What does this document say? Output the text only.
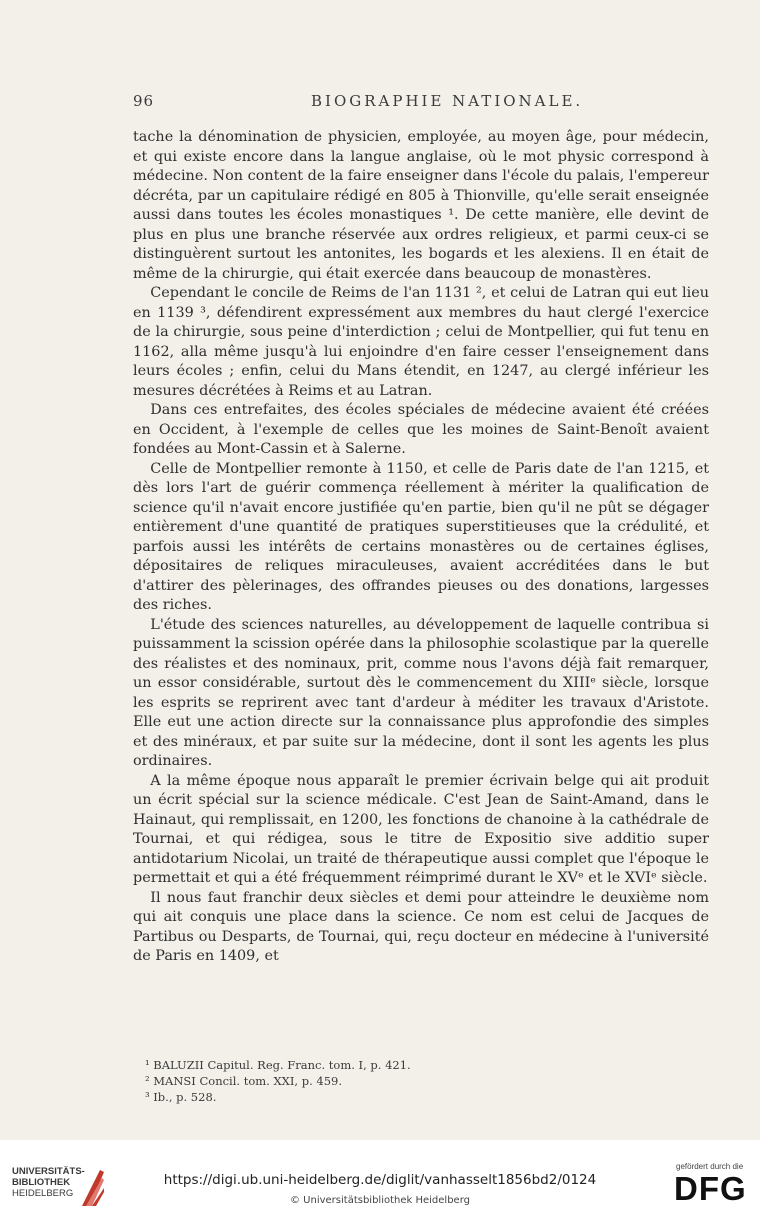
96	BIOGRAPHIE NATIONALE.

tache la dénomination de physicien, employée, au moyen âge, pour médecin, et qui existe encore dans la langue anglaise, où le mot physic correspond à médecine. Non content de la faire enseigner dans l'école du palais, l'empereur décréta, par un capitulaire rédigé en 805 à Thionville, qu'elle serait enseignée aussi dans toutes les écoles monastiques ¹. De cette manière, elle devint de plus en plus une branche réservée aux ordres religieux, et parmi ceux-ci se distinguèrent surtout les antonites, les bogards et les alexiens. Il en était de même de la chirurgie, qui était exercée dans beaucoup de monastères.

Cependant le concile de Reims de l'an 1131 ², et celui de Latran qui eut lieu en 1139 ³, défendirent expressément aux membres du haut clergé l'exercice de la chirurgie, sous peine d'interdiction ; celui de Montpellier, qui fut tenu en 1162, alla même jusqu'à lui enjoindre d'en faire cesser l'enseignement dans leurs écoles ; enfin, celui du Mans étendit, en 1247, au clergé inférieur les mesures décrétées à Reims et au Latran.

Dans ces entrefaites, des écoles spéciales de médecine avaient été créées en Occident, à l'exemple de celles que les moines de Saint-Benoît avaient fondées au Mont-Cassin et à Salerne.

Celle de Montpellier remonte à 1150, et celle de Paris date de l'an 1215, et dès lors l'art de guérir commença réellement à mériter la qualification de science qu'il n'avait encore justifiée qu'en partie, bien qu'il ne pût se dégager entièrement d'une quantité de pratiques superstitieuses que la crédulité, et parfois aussi les intérêts de certains monastères ou de certaines églises, dépositaires de reliques miraculeuses, avaient accréditées dans le but d'attirer des pèlerinages, des offrandes pieuses ou des donations, largesses des riches.

L'étude des sciences naturelles, au développement de laquelle contribua si puissamment la scission opérée dans la philosophie scolastique par la querelle des réalistes et des nominaux, prit, comme nous l'avons déjà fait remarquer, un essor considérable, surtout dès le commencement du XIIIᵉ siècle, lorsque les esprits se reprirent avec tant d'ardeur à méditer les travaux d'Aristote. Elle eut une action directe sur la connaissance plus approfondie des simples et des minéraux, et par suite sur la médecine, dont il sont les agents les plus ordinaires.

A la même époque nous apparaît le premier écrivain belge qui ait produit un écrit spécial sur la science médicale. C'est Jean de Saint-Amand, dans le Hainaut, qui remplissait, en 1200, les fonctions de chanoine à la cathédrale de Tournai, et qui rédigea, sous le titre de Expositio sive additio super antidotarium Nicolai, un traité de thérapeutique aussi complet que l'époque le permettait et qui a été fréquemment réimprimé durant le XVᵉ et le XVIᵉ siècle.

Il nous faut franchir deux siècles et demi pour atteindre le deuxième nom qui ait conquis une place dans la science. Ce nom est celui de Jacques de Partibus ou Desparts, de Tournai, qui, reçu docteur en médecine à l'université de Paris en 1409, et

¹ BALUZII Capitul. Reg. Franc. tom. I, p. 421.
² MANSI Concil. tom. XXI, p. 459.
³ Ib., p. 528.
UNIVERSITÄTS-
BIBLIOTHEK
HEIDELBERG
https://digi.ub.uni-heidelberg.de/diglit/vanhasselt1856bd2/0124
© Universitätsbibliothek Heidelberg
gefördert durch die
DFG
